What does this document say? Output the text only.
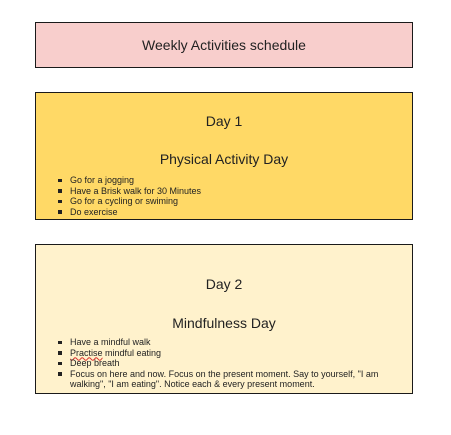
Weekly Activities schedule

Day 1

Physical Activity Day

Go for a jogging
Have a Brisk walk for 30 Minutes
Go for a cycling or swiming
Do exercise

Day 2

Mindfulness Day

Have a mindful walk
Practise mindful eating
Deep breath
Focus on here and now. Focus on the present moment. Say to yourself, "I am walking", "I am eating". Notice each & every present moment.
